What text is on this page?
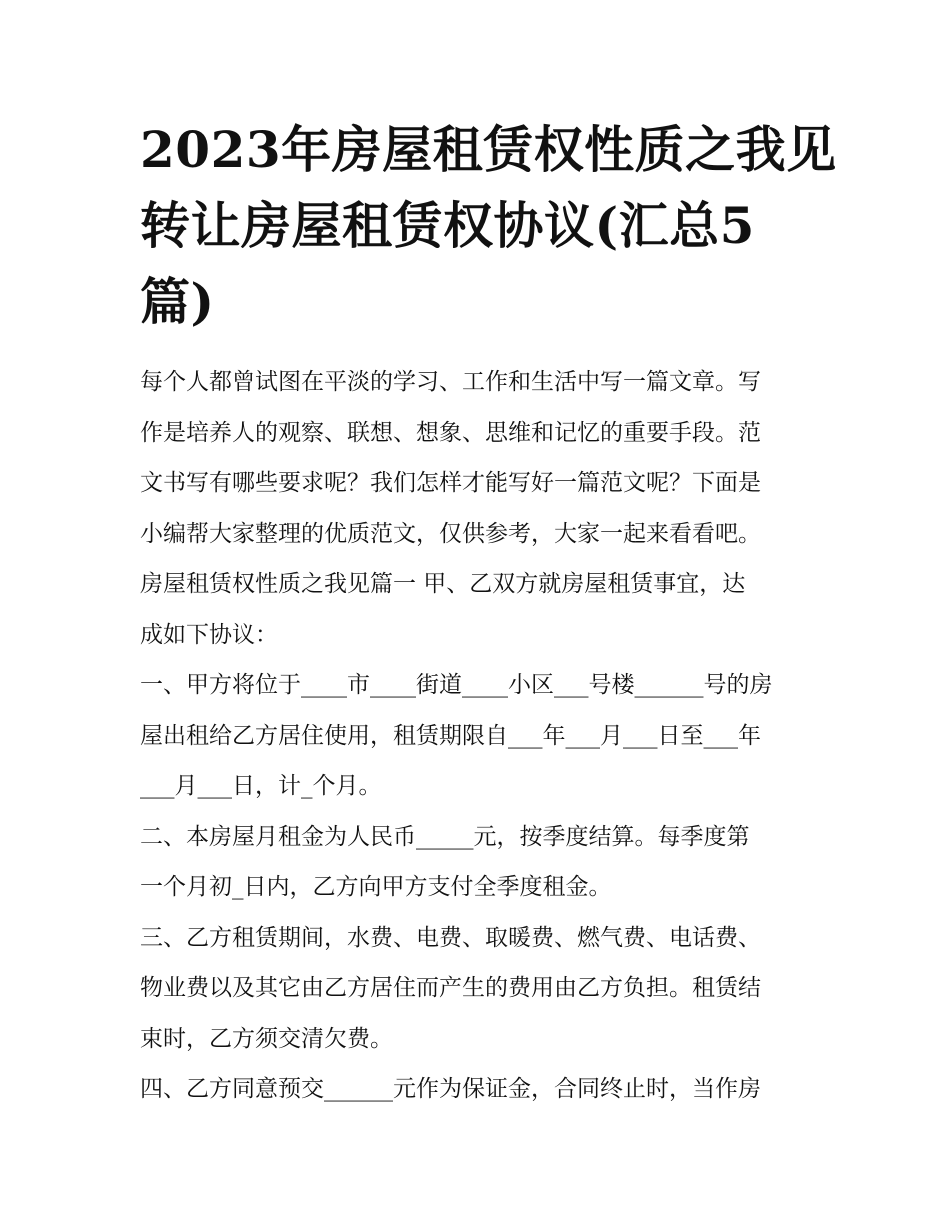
2023年房屋租赁权性质之我见
转让房屋租赁权协议(汇总5
篇)
每个人都曾试图在平淡的学习、工作和生活中写一篇文章。写
作是培养人的观察、联想、想象、思维和记忆的重要手段。范
文书写有哪些要求呢？我们怎样才能写好一篇范文呢？下面是
小编帮大家整理的优质范文，仅供参考，大家一起来看看吧。
房屋租赁权性质之我见篇一 甲、乙双方就房屋租赁事宜，达
成如下协议：
一、甲方将位于____市____街道____小区___号楼______号的房
屋出租给乙方居住使用，租赁期限自___年___月___日至___年
___月___日，计_个月。
二、本房屋月租金为人民币_____元，按季度结算。每季度第
一个月初_日内，乙方向甲方支付全季度租金。
三、乙方租赁期间，水费、电费、取暖费、燃气费、电话费、
物业费以及其它由乙方居住而产生的费用由乙方负担。租赁结
束时，乙方须交清欠费。
四、乙方同意预交______元作为保证金，合同终止时，当作房
